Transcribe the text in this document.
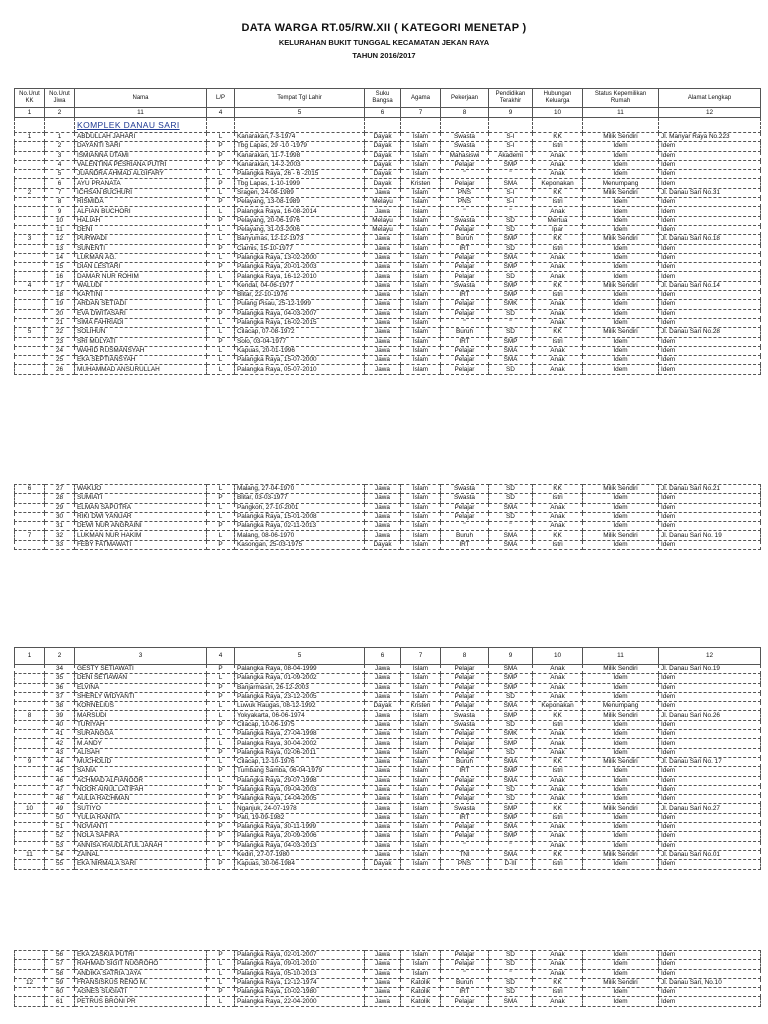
DATA WARGA RT.05/RW.XII ( KATEGORI MENETAP )
KELURAHAN BUKIT TUNGGAL KECAMATAN JEKAN RAYA
TAHUN 2016/2017
No.Urut KK	No.Urut Jiwa	Nama	L/P	Tempat Tgl Lahir	Suku Bangsa	Agama	Pekerjaan	Pendidikan Terakhir	Hubungan Keluarga	Status Kepemilikan Rumah	Alamat Lengkap
1	2	11	4	5	6	7	8	9	10	11	12
		KOMPLEK DANAU SARI									
1	1	ABDULLAH JAHARI	L	Kanarakan,7-3-1974	Dayak	Islam	Swasta	S-I	KK	Milik Sendiri	Jl. Manyar Raya No.223
	2	DAYANTI SARI	P	Tbg Lapas, 29 -10 -1979	Dayak	Islam	Swasta	S-I	Istri	Idem	Idem
	3	ISMIANNA UTAMI	P	Kanarakan, 11-7-1998	Dayak	Islam	Mahasiswi	Akademi	Anak	Idem	Idem
	4	VALENTINA PESRIANA PUTRI	P	Kanarakan, 14-2-2003	Dayak	Islam	Pelajar	SMP	Anak	Idem	Idem
	5	JUANDRA AHMAD ALGIFARY	L	Palangka Raya, 26 - 6 -2015	Dayak	Islam	"	"	Anak	Idem	Idem
	6	AYU PRANATA	P	Tbg Lapas, 1-10-1999	Dayak	Kristen	Pelajar	SMA	Keponakan	Menumpang	Idem
2	7	ICHSAN BUCHURI	L	Sragen, 24-08-1989	Jawa	Islam	PNS	S-I	KK	Milik Sendiri	Jl. Danau Sari No.31
	8	RISMIDA	P	Pelayang, 13-08-1989	Melayu	Islam	PNS	S-I	Istri	Idem	Idem
	9	ALFIAN BUCHORI	L	Palangka Raya, 16-08-2014	Jawa	Islam	"	"	Anak	Idem	Idem
	10	HALIAH	P	Pelayang, 20-06-1976	Melayu	Islam	Swasta	SD	Mertua	Idem	Idem
	11	DENI	L	Pelayang, 31-03-2006	Melayu	Islam	Pelajar	SD	Ipar	Idem	Idem
3	12	PURWADI	L	Banyumas, 12-12-1973	Jawa	Islam	Buruh	SMP	KK	Milik Sendiri	Jl. Danau Sari No.18
	13	SUNENTI	P	Ciamis, 15-10-1977	Jawa	Islam	IRT	SD	Istri	Idem	Idem
	14	LUKMAN AG.	L	Palangka Raya, 13-02-2000	Jawa	Islam	Pelajar	SMA	Anak	Idem	Idem
	15	DIAN LESTARI	P	Palangka Raya, 20-01-2003	Jawa	Islam	Pelajar	SMP	Anak	Idem	Idem
	16	DAMAR NUR ROHIM	L	Palangka Raya, 16-12-2010	Jawa	Islam	Pelajar	SD	Anak	Idem	Idem
4	17	WALUDI	L	Kendal, 04-06-1977	Jawa	Islam	Swasta	SMP	KK	Milik Sendiri	Jl. Danau Sari No.14
	18	KARTINI	P	Blitar, 22-10-1976	Jawa	Islam	IRT	SMP	Istri	Idem	Idem
	19	ARDAN SETIADI	L	Pulang Pisau, 25-12-1999	Jawa	Islam	Pelajar	SMK	Anak	Idem	Idem
	20	EVA DWITASARI	P	Palangka Raya, 04-03-2007	Jawa	Islam	Pelajar	SD	Anak	Idem	Idem
	21	SIMA FAHRIADI	L	Palangka Raya, 16-02-2015	Jawa	Islam	"	"	Anak	Idem	Idem
5	22	SOLIHUN	L	Cilacap, 07-08-1972	Jawa	Islam	Buruh	SD	KK	Milik Sendiri	Jl. Danau Sari No.28
	23	SRI MULYATI	P	Solo, 03-04-1977	Jawa	Islam	IRT	SMP	Istri	Idem	Idem
	24	WAHID RUSMANSYAH	L	Kapuas, 20-01-1996	Jawa	Islam	Pelajar	SMA	Anak	Idem	Idem
	25	EKA SEPTIANSYAH	L	Palangka Raya, 15-07-2000	Jawa	Islam	Pelajar	SMA	Anak	Idem	Idem
	26	MUHAMMAD ANSURULLAH	L	Palangka Raya, 05-07-2010	Jawa	Islam	Pelajar	SD	Anak	Idem	Idem
6	27	WAKIJO	L	Malang, 27-04-1970	Jawa	Islam	Swasta	SD	KK	Milik Sendiri	Jl. Danau Sari No.21
	28	SUMIATI	P	Blitar, 03-03-1977	Jawa	Islam	Swasta	SD	Istri	Idem	Idem
	29	ELMAN SAPUTRA	L	Pangkoh, 27-10-2001	Jawa	Islam	Pelajar	SMA	Anak	Idem	Idem
	30	RIKI DWI YANUAR	L	Palangka Raya, 15-01-2008	Jawa	Islam	Pelajar	SD	Anak	Idem	Idem
	31	DEWI NUR ANGRAINI	P	Palangka Raya, 02-11-2013	Jawa	Islam	"	"	Anak	Idem	Idem
7	32	LUKMAN NUR HAKIM	L	Malang, 08-06-1970	Jawa	Islam	Buruh	SMA	KK	Milik Sendiri	Jl. Danau Sari No. 19
	33	FEBY FATMAWATI	P	Kasongan, 25-03-1975	Dayak	Islam	IRT	SMA	Istri	Idem	Idem
1	2	3	4	5	6	7	8	9	10	11	12
	34	GESTY SETIAWATI	P	Palangka Raya, 08-04-1999	Jawa	Islam	Pelajar	SMA	Anak	Milik Sendiri	Jl. Danau Sari No.19
	35	DENI SETIAWAN	L	Palangka Raya, 01-09-2002	Jawa	Islam	Pelajar	SMP	Anak	Idem	Idem
	36	ELVINA	P	Banjarmasin, 26-12-2003	Jawa	Islam	Pelajar	SMP	Anak	Idem	Idem
	37	SHERLY WIDYANTI	P	Palangka Raya, 23-12-2005	Jawa	Islam	Pelajar	SD	Anak	Idem	Idem
	38	KORNELIUS	L	Luwuk Raugas, 08-12-1992	Dayak	Kristen	Pelajar	SMA	Keponakan	Menumpang	Idem
8	39	MARSUDI	L	Yokyakarta, 06-06-1974	Jawa	Islam	Swasta	SMP	KK	Milik Sendiri	Jl. Danau Sari No.26
	40	TURIYAH	P	Cilacap, 10-06-1975	Jawa	Islam	Swasta	SD	Istri	Idem	Idem
	41	SURANGGA	L	Palangka Raya, 27-04-1998	Jawa	Islam	Pelajar	SMK	Anak	Idem	Idem
	42	M.ANDY	L	Palangka Raya, 30-04-2002	Jawa	Islam	Pelajar	SMP	Anak	Idem	Idem
	43	ALISAH	P	Palangka Raya, 02-06-2011	Jawa	Islam	Pelajar	SD	Anak	Idem	Idem
9	44	MUCHOLID	L	Cilacap, 12-10-1976	Jawa	Islam	Buruh	SMA	KK	Milik Sendiri	Jl. Danau Sari No. 17
	45	SANIA	P	Tumbang Samba, 06-04-1979	Jawa	Islam	IRT	SMP	Istri	Idem	Idem
	46	ACHMAD ALFIANOOR	L	Palangka Raya, 29-07-1998	Jawa	Islam	Pelajar	SMA	Anak	Idem	Idem
	47	NOOR AINUL LATIFAH	P	Palangka Raya, 09-04-2003	Jawa	Islam	Pelajar	SD	Anak	Idem	Idem
	48	AULIA RACHMAN	P	Palangka Raya, 14-04-2005	Jawa	Islam	Pelajar	SD	Anak	Idem	Idem
10	49	SUTIYO	L	Nganjuk, 24-07-1978	Jawa	Islam	Swasta	SMP	KK	Milik Sendiri	Jl. Danau Sari No.27
	50	YULIA RANITA	P	Pati, 19-09-1982	Jawa	Islam	IRT	SMP	Istri	Idem	Idem
	51	NOVIANTI	P	Palangka Raya, 30-11-1999	Jawa	Islam	Pelajar	SMA	Anak	Idem	Idem
	52	NOLA SAFIRA	P	Palangka Raya, 20-09-2006	Jawa	Islam	Pelajar	SMP	Anak	Idem	Idem
	53	ANNISA RAUDLATUL JANAH	P	Palangka Raya, 04-03-2013	Jawa	Islam	"	"	Anak	Idem	Idem
11	54	ZAINAL	L	Kediri, 27-07-1980	Jawa	Islam	TNI	SMA	KK	Milik Sendiri	Jl. Danau Sari No.01
	55	EKA NIRMALA SARI	P	Kapuas, 30-06-1984	Dayak	Islam	PNS	D-III	Istri	Idem	Idem
	56	EKA ZASKIA PUTRI	P	Palangka Raya, 02-01-2007	Jawa	Islam	Pelajar	SD	Anak	Idem	Idem
	57	RAHMAD SIGIT NUGROHO	L	Palangka Raya, 09-01-2010	Jawa	Islam	Pelajar	SD	Anak	Idem	Idem
	58	ANDIKA SATRIA JAYA	L	Palangka Raya, 05-10-2013	Jawa	Islam	"	"	Anak	Idem	Idem
12	59	FRANSISKUS RENO M.	L	Palangka Raya, 12-12-1974	Jawa	Katolik	Buruh	SD	KK	Milik Sendiri	Jl. Danau Sari, No.10
	60	AGNES SUGIATI	P	Palangka Raya, 10-02-1980	Jawa	Katolik	IRT	SD	Istri	Idem	Idem
	61	PETRUS BRONI PR	L	Palangka Raya, 22-04-2000	Jawa	Katolik	Pelajar	SMA	Anak	Idem	Idem
